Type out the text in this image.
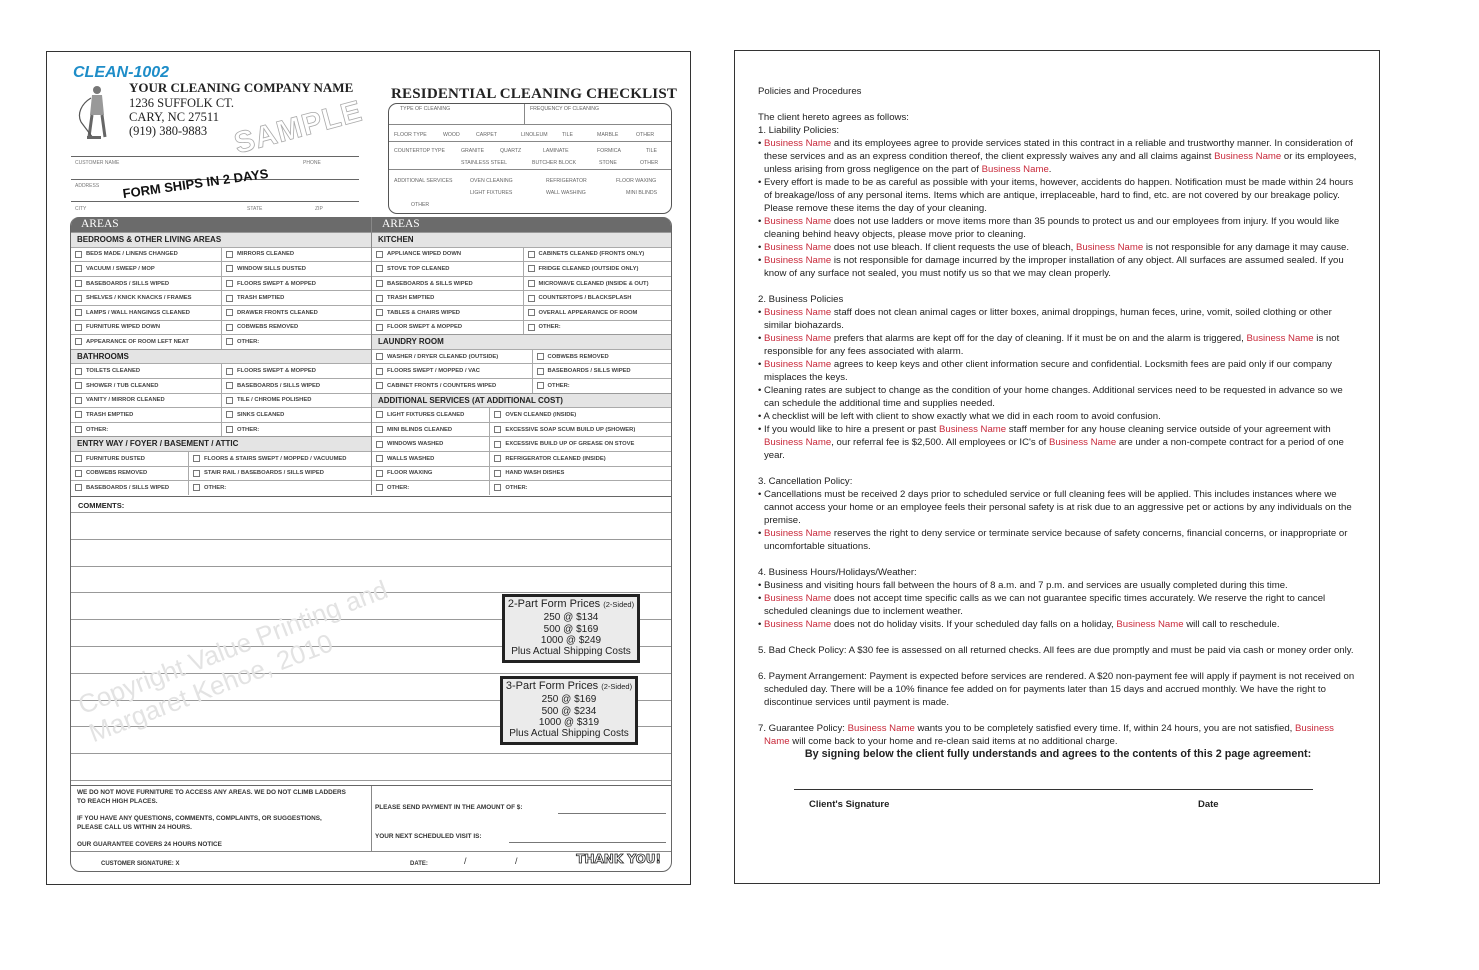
CLEAN-1002
YOUR CLEANING COMPANY NAME
1236 SUFFOLK CT.
CARY, NC 27511
(919) 380-9883
CUSTOMER NAME	PHONE
ADDRESS
CITY	STATE	ZIP
SAMPLE
FORM SHIPS IN 2 DAYS
RESIDENTIAL CLEANING CHECKLIST
TYPE OF CLEANING	FREQUENCY OF CLEANING
FLOOR TYPE	WOOD	CARPET	LINOLEUM	TILE	MARBLE	OTHER
COUNTERTOP TYPE	GRANITE	QUARTZ	LAMINATE	FORMICA	TILE
STAINLESS STEEL	BUTCHER BLOCK	STONE	OTHER
ADDITIONAL SERVICES	OVEN CLEANING	REFRIGERATOR	FLOOR WAXING
LIGHT FIXTURES	WALL WASHING	MINI BLINDS
OTHER
AREAS
BEDROOMS & OTHER LIVING AREAS
BEDS MADE / LINENS CHANGED	MIRRORS CLEANED
VACUUM / SWEEP / MOP	WINDOW SILLS DUSTED
BASEBOARDS / SILLS WIPED	FLOORS SWEPT & MOPPED
SHELVES / KNICK KNACKS / FRAMES	TRASH EMPTIED
LAMPS / WALL HANGINGS CLEANED	DRAWER FRONTS CLEANED
FURNITURE WIPED DOWN	COBWEBS REMOVED
APPEARANCE OF ROOM LEFT NEAT	OTHER:
BATHROOMS
TOILETS CLEANED	FLOORS SWEPT & MOPPED
SHOWER / TUB CLEANED	BASEBOARDS / SILLS WIPED
VANITY / MIRROR CLEANED	TILE / CHROME POLISHED
TRASH EMPTIED	SINKS CLEANED
OTHER:	OTHER:
ENTRY WAY / FOYER / BASEMENT / ATTIC
FURNITURE DUSTED	FLOORS & STAIRS SWEPT / MOPPED / VACUUMED
COBWEBS REMOVED	STAIR RAIL / BASEBOARDS / SILLS WIPED
BASEBOARDS / SILLS WIPED	OTHER:
AREAS
KITCHEN
APPLIANCE WIPED DOWN	CABINETS CLEANED (FRONTS ONLY)
STOVE TOP CLEANED	FRIDGE CLEANED (OUTSIDE ONLY)
BASEBOARDS & SILLS WIPED	MICROWAVE CLEANED (INSIDE & OUT)
TRASH EMPTIED	COUNTERTOPS / BLACKSPLASH
TABLES & CHAIRS WIPED	OVERALL APPEARANCE OF ROOM
FLOOR SWEPT & MOPPED	OTHER:
LAUNDRY ROOM
WASHER / DRYER CLEANED (OUTSIDE)	COBWEBS REMOVED
FLOORS SWEPT / MOPPED / VAC	BASEBOARDS / SILLS WIPED
CABINET FRONTS / COUNTERS WIPED	OTHER:
ADDITIONAL SERVICES (AT ADDITIONAL COST)
LIGHT FIXTURES CLEANED	OVEN CLEANED (INSIDE)
MINI BLINDS CLEANED	EXCESSIVE SOAP SCUM BUILD UP (SHOWER)
WINDOWS WASHED	EXCESSIVE BUILD UP OF GREASE ON STOVE
WALLS WASHED	REFRIGERATOR CLEANED (INSIDE)
FLOOR WAXING	HAND WASH DISHES
OTHER:	OTHER:
COMMENTS:
Copyright Value Printing and Margaret Kehoe, 2010
2-Part Form Prices (2-Sided)
250 @ $134
500 @ $169
1000 @ $249
Plus Actual Shipping Costs
3-Part Form Prices (2-Sided)
250 @ $169
500 @ $234
1000 @ $319
Plus Actual Shipping Costs
WE DO NOT MOVE FURNITURE TO ACCESS ANY AREAS. WE DO NOT CLIMB LADDERS TO REACH HIGH PLACES.
IF YOU HAVE ANY QUESTIONS, COMMENTS, COMPLAINTS, OR SUGGESTIONS, PLEASE CALL US WITHIN 24 HOURS.
OUR GUARANTEE COVERS 24 HOURS NOTICE
PLEASE SEND PAYMENT IN THE AMOUNT OF $:
YOUR NEXT SCHEDULED VISIT IS:
CUSTOMER SIGNATURE: X	DATE:	/	/	THANK YOU!

Policies and Procedures

The client hereto agrees as follows:

1. Liability Policies:

• Business Name and its employees agree to provide services stated in this contract in a reliable and trustworthy manner. In consideration of these services and as an express condition thereof, the client expressly waives any and all claims against Business Name or its employees, unless arising from gross negligence on the part of Business Name.

• Every effort is made to be as careful as possible with your items, however, accidents do happen. Notification must be made within 24 hours of breakage/loss of any personal items. Items which are antique, irreplaceable, hard to find, etc. are not covered by our breakage policy. Please remove these items the day of your cleaning.

• Business Name does not use ladders or move items more than 35 pounds to protect us and our employees from injury. If you would like cleaning behind heavy objects, please move prior to cleaning.

• Business Name does not use bleach. If client requests the use of bleach, Business Name is not responsible for any damage it may cause.

• Business Name is not responsible for damage incurred by the improper installation of any object. All surfaces are assumed sealed. If you know of any surface not sealed, you must notify us so that we may clean properly.

2. Business Policies

• Business Name staff does not clean animal cages or litter boxes, animal droppings, human feces, urine, vomit, soiled clothing or other similar biohazards.

• Business Name prefers that alarms are kept off for the day of cleaning. If it must be on and the alarm is triggered, Business Name is not responsible for any fees associated with alarm.

• Business Name agrees to keep keys and other client information secure and confidential. Locksmith fees are paid only if our company misplaces the keys.

• Cleaning rates are subject to change as the condition of your home changes. Additional services need to be requested in advance so we can schedule the additional time and supplies needed.

• A checklist will be left with client to show exactly what we did in each room to avoid confusion.

• If you would like to hire a present or past Business Name staff member for any house cleaning service outside of your agreement with Business Name, our referral fee is $2,500. All employees or IC's of Business Name are under a non-compete contract for a period of one year.

3. Cancellation Policy:

• Cancellations must be received 2 days prior to scheduled service or full cleaning fees will be applied. This includes instances where we cannot access your home or an employee feels their personal safety is at risk due to an aggressive pet or actions by any individuals on the premise.

• Business Name reserves the right to deny service or terminate service because of safety concerns, financial concerns, or inappropriate or uncomfortable situations.

4. Business Hours/Holidays/Weather:

• Business and visiting hours fall between the hours of 8 a.m. and 7 p.m. and services are usually completed during this time.

• Business Name does not accept time specific calls as we can not guarantee specific times accurately. We reserve the right to cancel scheduled cleanings due to inclement weather.

• Business Name does not do holiday visits. If your scheduled day falls on a holiday, Business Name will call to reschedule.

5. Bad Check Policy: A $30 fee is assessed on all returned checks. All fees are due promptly and must be paid via cash or money order only.

6. Payment Arrangement: Payment is expected before services are rendered. A $20 non-payment fee will apply if payment is not received on scheduled day. There will be a 10% finance fee added on for payments later than 15 days and accrued monthly. We have the right to discontinue services until payment is made.

7. Guarantee Policy: Business Name wants you to be completely satisfied every time. If, within 24 hours, you are not satisfied, Business Name will come back to your home and re-clean said items at no additional charge.

By signing below the client fully understands and agrees to the contents of this 2 page agreement:

Client's Signature	Date
